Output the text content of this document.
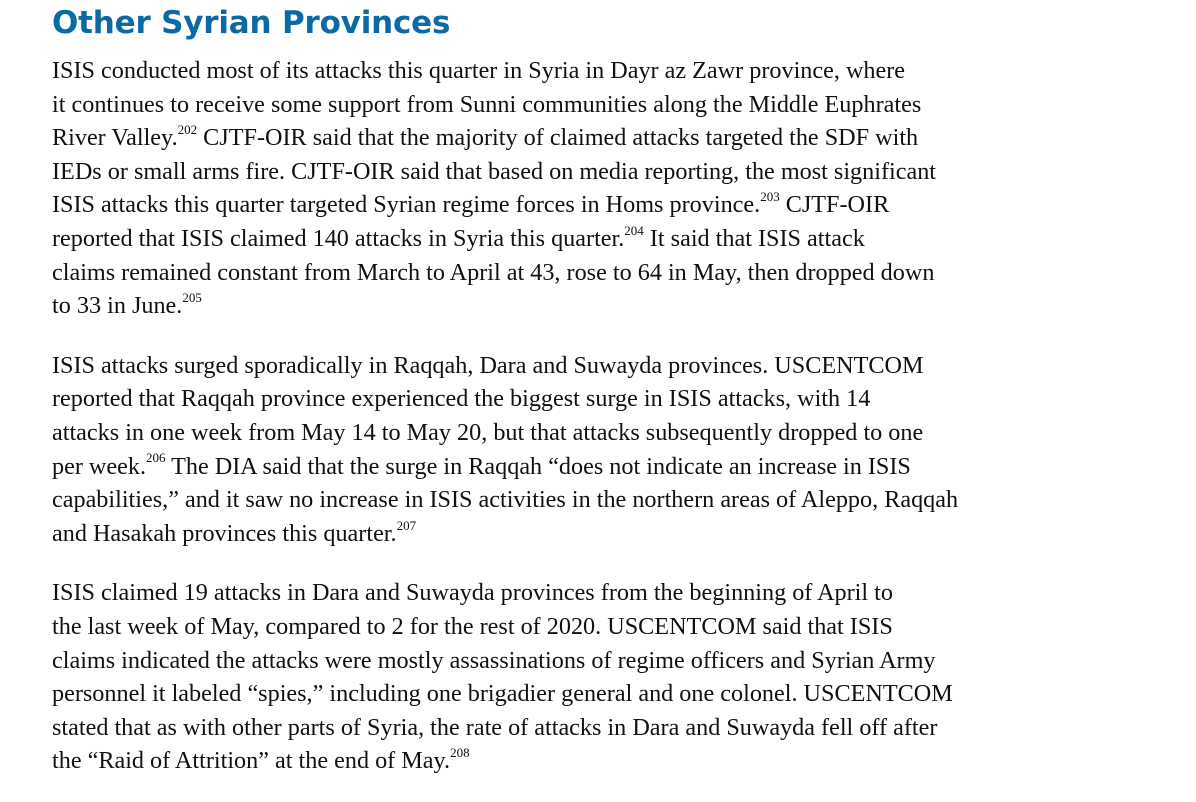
Other Syrian Provinces

ISIS conducted most of its attacks this quarter in Syria in Dayr az Zawr province, where
it continues to receive some support from Sunni communities along the Middle Euphrates
River Valley.$^{202}$ CJTF-OIR said that the majority of claimed attacks targeted the SDF with
IEDs or small arms fire. CJTF-OIR said that based on media reporting, the most significant
ISIS attacks this quarter targeted Syrian regime forces in Homs province.$^{203}$ CJTF-OIR
reported that ISIS claimed 140 attacks in Syria this quarter.$^{204}$ It said that ISIS attack
claims remained constant from March to April at 43, rose to 64 in May, then dropped down
to 33 in June.$^{205}$

ISIS attacks surged sporadically in Raqqah, Dara and Suwayda provinces. USCENTCOM
reported that Raqqah province experienced the biggest surge in ISIS attacks, with 14
attacks in one week from May 14 to May 20, but that attacks subsequently dropped to one
per week.$^{206}$ The DIA said that the surge in Raqqah “does not indicate an increase in ISIS
capabilities,” and it saw no increase in ISIS activities in the northern areas of Aleppo, Raqqah
and Hasakah provinces this quarter.$^{207}$

ISIS claimed 19 attacks in Dara and Suwayda provinces from the beginning of April to
the last week of May, compared to 2 for the rest of 2020. USCENTCOM said that ISIS
claims indicated the attacks were mostly assassinations of regime officers and Syrian Army
personnel it labeled “spies,” including one brigadier general and one colonel. USCENTCOM
stated that as with other parts of Syria, the rate of attacks in Dara and Suwayda fell off after
the “Raid of Attrition” at the end of May.$^{208}$
